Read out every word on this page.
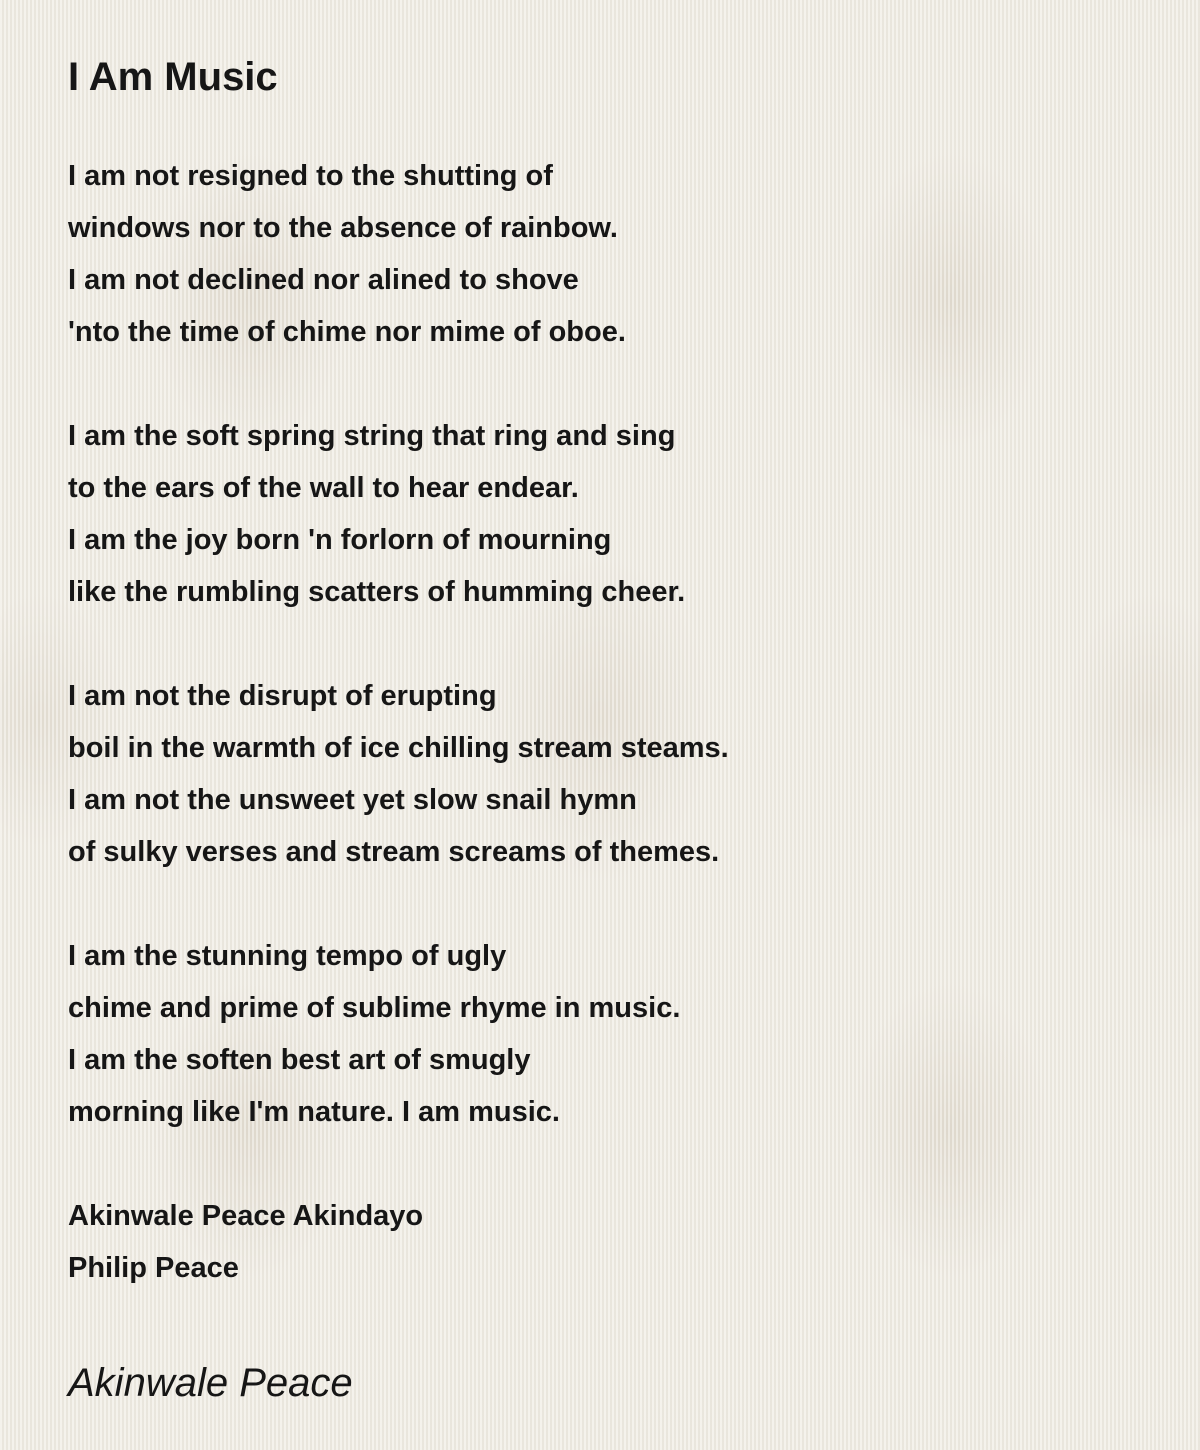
I Am Music
I am not resigned to the shutting of
windows nor to the absence of rainbow.
I am not declined nor alined to shove
'nto the time of chime nor mime of oboe.
I am the soft spring string that ring and sing
to the ears of the wall to hear endear.
I am the joy born 'n forlorn of mourning
like the rumbling scatters of humming cheer.
I am not the disrupt of erupting
boil in the warmth of ice chilling stream steams.
I am not the unsweet yet slow snail hymn
of sulky verses and stream screams of themes.
I am the stunning tempo of ugly
chime and prime of sublime rhyme in music.
I am the soften best art of smugly
morning like I'm nature. I am music.
Akinwale Peace Akindayo
Philip Peace
Akinwale Peace
